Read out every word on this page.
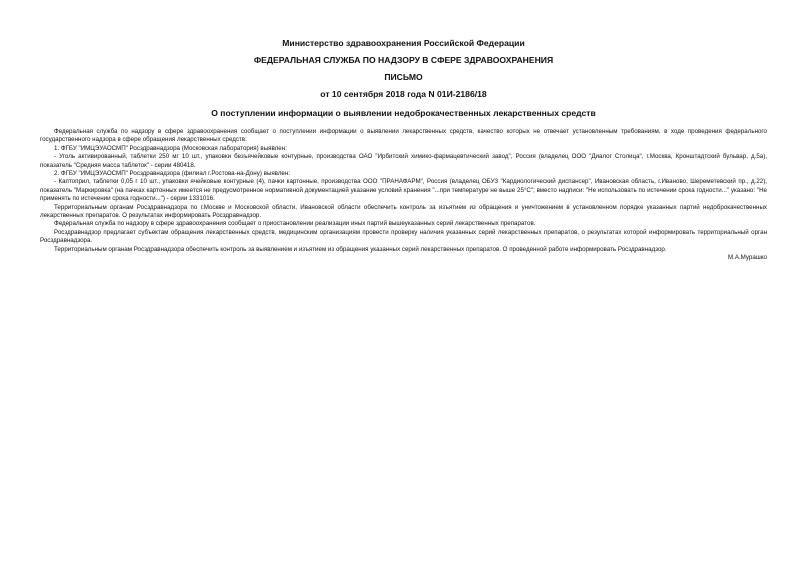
Министерство здравоохранения Российской Федерации
ФЕДЕРАЛЬНАЯ СЛУЖБА ПО НАДЗОРУ В СФЕРЕ ЗДРАВООХРАНЕНИЯ
ПИСЬМО
от 10 сентября 2018 года N 01И-2186/18
О поступлении информации о выявлении недоброкачественных лекарственных средств

Федеральная служба по надзору в сфере здравоохранения сообщает о поступлении информации о выявлении лекарственных средств, качество которых не отвечает установленным требованиям, в ходе проведения федерального государственного надзора в сфере обращения лекарственных средств:

1. ФГБУ "ИМЦЭУАОСМП" Росздравнадзора (Московская лаборатория) выявлен:

- Уголь активированный, таблетки 250 мг 10 шт., упаковки безъячейковые контурные, производства ОАО "Ирбитский химико-фармацевтический завод", Россия (владелец ООО "Диалог Столица", г.Москва, Кронштадтский бульвар, д.5а), показатель "Средняя масса таблеток" - серии 480418.

2. ФГБУ "ИМЦЭУАОСМП" Росздравнадзора (филиал г.Ростова-на-Дону) выявлен:

- Каптоприл, таблетки 0,05 г 10 шт., упаковки ячейковые контурные (4), пачки картонные, производства ООО "ПРАНАФАРМ", Россия (владелец ОБУЗ "Кардиологический диспансер", Ивановская область, г.Иваново, Шереметевский пр., д.22), показатель "Маркировка" (на пачках картонных имеется не предусмотренное нормативной документацией указание условий хранения "...при температуре не выше 25°С"; вместо надписи: "Не использовать по истечении срока годности..." указано: "Не применять по истечении срока годности...") - серии 1331016.

Территориальным органам Росздравнадзора по г.Москве и Московской области, Ивановской области обеспечить контроль за изъятием из обращения и уничтожением в установленном порядке указанных партий недоброкачественных лекарственных препаратов. О результатах информировать Росздравнадзор.

Федеральная служба по надзору в сфере здравоохранения сообщает о приостановлении реализации иных партий вышеуказанных серий лекарственных препаратов.

Росздравнадзор предлагает субъектам обращения лекарственных средств, медицинским организациям провести проверку наличия указанных серий лекарственных препаратов, о результатах которой информировать территориальный орган Росздравнадзора.

Территориальным органам Росздравнадзора обеспечить контроль за выявлением и изъятием из обращения указанных серий лекарственных препаратов. О проведенной работе информировать Росздравнадзор.

М.А.Мурашко
